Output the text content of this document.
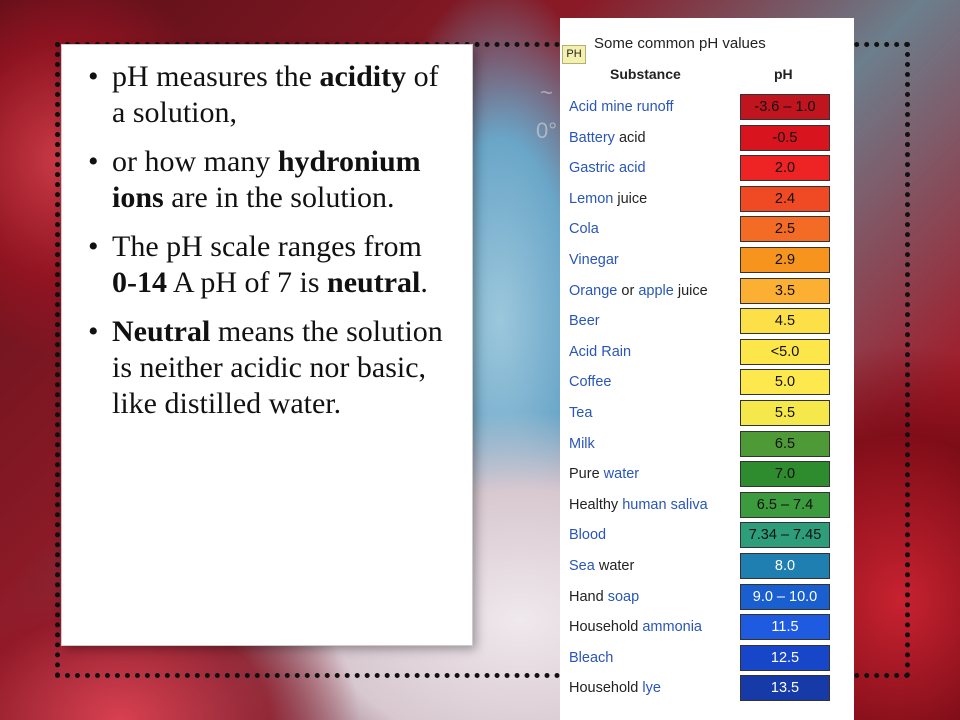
~
0°
• pH measures the acidity of a solution,
• or how many hydronium ions are in the solution.
• The pH scale ranges from 0-14 A pH of 7 is neutral.
• Neutral means the solution is neither acidic nor basic, like distilled water.
PH
Some common pH values
Substance	pH
Acid mine runoff	-3.6 – 1.0
Battery acid	-0.5
Gastric acid	2.0
Lemon juice	2.4
Cola	2.5
Vinegar	2.9
Orange or apple juice	3.5
Beer	4.5
Acid Rain	<5.0
Coffee	5.0
Tea	5.5
Milk	6.5
Pure water	7.0
Healthy human saliva	6.5 – 7.4
Blood	7.34 – 7.45
Sea water	8.0
Hand soap	9.0 – 10.0
Household ammonia	11.5
Bleach	12.5
Household lye	13.5
